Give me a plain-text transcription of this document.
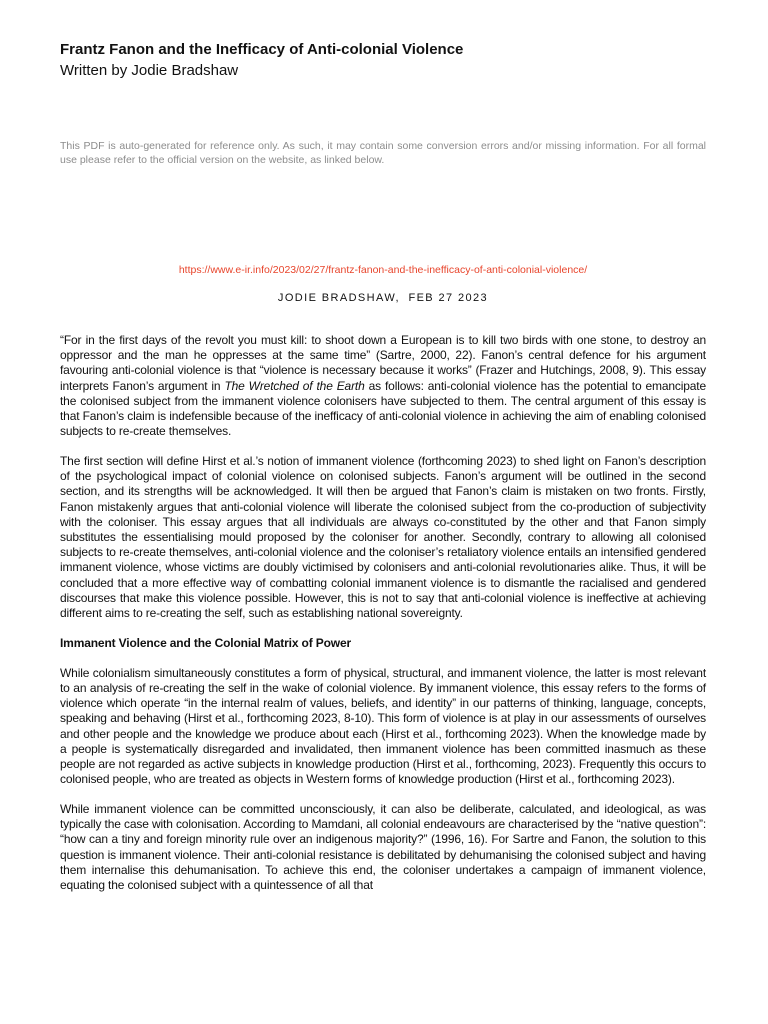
Frantz Fanon and the Inefficacy of Anti-colonial Violence
Written by Jodie Bradshaw

This PDF is auto-generated for reference only. As such, it may contain some conversion errors and/or missing information. For all formal use please refer to the official version on the website, as linked below.

https://www.e-ir.info/2023/02/27/frantz-fanon-and-the-inefficacy-of-anti-colonial-violence/
JODIE BRADSHAW, FEB 27 2023

“For in the first days of the revolt you must kill: to shoot down a European is to kill two birds with one stone, to destroy an oppressor and the man he oppresses at the same time” (Sartre, 2000, 22). Fanon’s central defence for his argument favouring anti-colonial violence is that “violence is necessary because it works” (Frazer and Hutchings, 2008, 9). This essay interprets Fanon’s argument in The Wretched of the Earth as follows: anti-colonial violence has the potential to emancipate the colonised subject from the immanent violence colonisers have subjected to them. The central argument of this essay is that Fanon’s claim is indefensible because of the inefficacy of anti-colonial violence in achieving the aim of enabling colonised subjects to re-create themselves.

The first section will define Hirst et al.’s notion of immanent violence (forthcoming 2023) to shed light on Fanon’s description of the psychological impact of colonial violence on colonised subjects. Fanon’s argument will be outlined in the second section, and its strengths will be acknowledged. It will then be argued that Fanon’s claim is mistaken on two fronts. Firstly, Fanon mistakenly argues that anti-colonial violence will liberate the colonised subject from the co-production of subjectivity with the coloniser. This essay argues that all individuals are always co-constituted by the other and that Fanon simply substitutes the essentialising mould proposed by the coloniser for another. Secondly, contrary to allowing all colonised subjects to re-create themselves, anti-colonial violence and the coloniser’s retaliatory violence entails an intensified gendered immanent violence, whose victims are doubly victimised by colonisers and anti-colonial revolutionaries alike. Thus, it will be concluded that a more effective way of combatting colonial immanent violence is to dismantle the racialised and gendered discourses that make this violence possible. However, this is not to say that anti-colonial violence is ineffective at achieving different aims to re-creating the self, such as establishing national sovereignty.

Immanent Violence and the Colonial Matrix of Power

While colonialism simultaneously constitutes a form of physical, structural, and immanent violence, the latter is most relevant to an analysis of re-creating the self in the wake of colonial violence. By immanent violence, this essay refers to the forms of violence which operate “in the internal realm of values, beliefs, and identity” in our patterns of thinking, language, concepts, speaking and behaving (Hirst et al., forthcoming 2023, 8-10). This form of violence is at play in our assessments of ourselves and other people and the knowledge we produce about each (Hirst et al., forthcoming 2023). When the knowledge made by a people is systematically disregarded and invalidated, then immanent violence has been committed inasmuch as these people are not regarded as active subjects in knowledge production (Hirst et al., forthcoming, 2023). Frequently this occurs to colonised people, who are treated as objects in Western forms of knowledge production (Hirst et al., forthcoming 2023).

While immanent violence can be committed unconsciously, it can also be deliberate, calculated, and ideological, as was typically the case with colonisation. According to Mamdani, all colonial endeavours are characterised by the “native question”: “how can a tiny and foreign minority rule over an indigenous majority?” (1996, 16). For Sartre and Fanon, the solution to this question is immanent violence. Their anti-colonial resistance is debilitated by dehumanising the colonised subject and having them internalise this dehumanisation. To achieve this end, the coloniser undertakes a campaign of immanent violence, equating the colonised subject with a quintessence of all that
